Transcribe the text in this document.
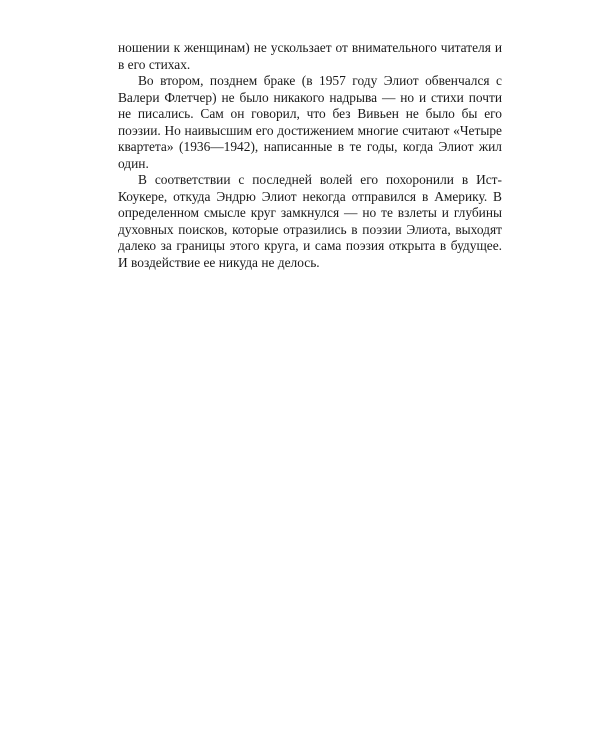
ношении к женщинам) не ускользает от внимательного читателя и в его стихах.

Во втором, позднем браке (в 1957 году Элиот обвенчался с Валери Флетчер) не было никакого надрыва — но и стихи почти не писались. Сам он говорил, что без Вивьен не было бы его поэзии. Но наивысшим его достижением многие считают «Четыре квартета» (1936—1942), написанные в те годы, когда Элиот жил один.

В соответствии с последней волей его похоронили в Ист-Коукере, откуда Эндрю Элиот некогда отправился в Америку. В определенном смысле круг замкнулся — но те взлеты и глубины духовных поисков, которые отразились в поэзии Элиота, выходят далеко за границы этого круга, и сама поэзия открыта в будущее. И воздействие ее никуда не делось.
